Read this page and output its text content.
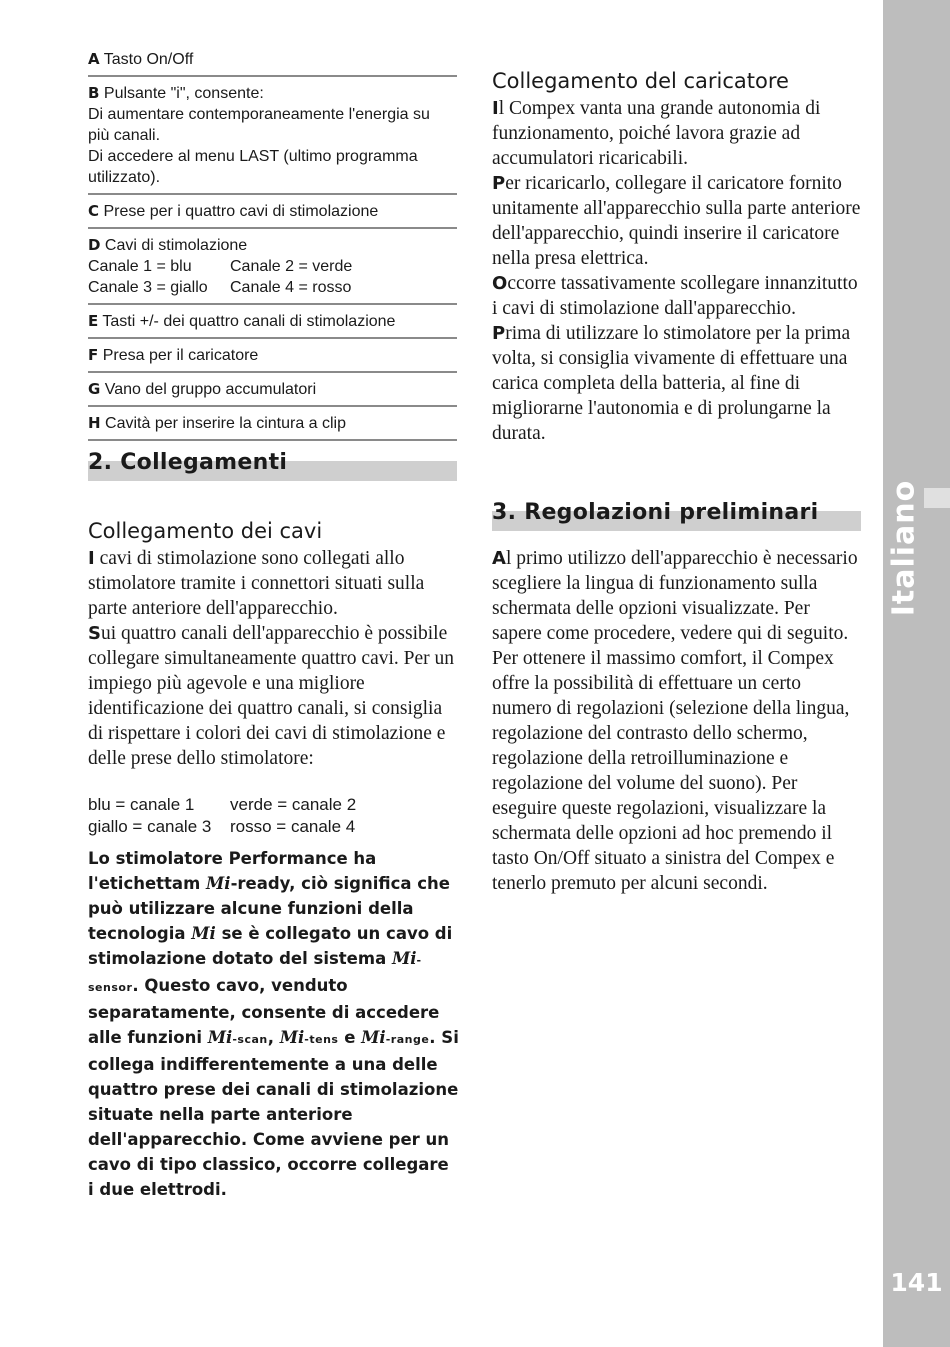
Italiano
141
A Tasto On/Off
B Pulsante "i", consente:
Di aumentare contemporaneamente l'energia su
più canali.
Di accedere al menu LAST (ultimo programma
utilizzato).
C Prese per i quattro cavi di stimolazione
D Cavi di stimolazione
Canale 1 = blu	Canale 2 = verde
Canale 3 = giallo	Canale 4 = rosso
E Tasti +/- dei quattro canali di stimolazione
F Presa per il caricatore
G Vano del gruppo accumulatori
H Cavità per inserire la cintura a clip
2. Collegamenti
Collegamento dei cavi

I cavi di stimolazione sono collegati allo stimolatore tramite i connettori situati sulla parte anteriore dell'apparecchio.

Sui quattro canali dell'apparecchio è possibile collegare simultaneamente quattro cavi. Per un impiego più agevole e una migliore identificazione dei quattro canali, si consiglia di rispettare i colori dei cavi di stimolazione e delle prese dello stimolatore:

blu = canale 1	verde = canale 2
giallo = canale 3	rosso = canale 4
Lo stimolatore Performance ha l'etichettam Mi-ready, ciò significa che può utilizzare alcune funzioni della tecnologia Mi se è collegato un cavo di stimolazione dotato del sistema Mi-sensor. Questo cavo, venduto separatamente, consente di accedere alle funzioni Mi-scan, Mi-tens e Mi-range. Si collega indifferentemente a una delle quattro prese dei canali di stimolazione situate nella parte anteriore dell'apparecchio. Come avviene per un cavo di tipo classico, occorre collegare i due elettrodi.
Collegamento del caricatore

Il Compex vanta una grande autonomia di funzionamento, poiché lavora grazie ad accumulatori ricaricabili.

Per ricaricarlo, collegare il caricatore fornito unitamente all'apparecchio sulla parte anteriore dell'apparecchio, quindi inserire il caricatore nella presa elettrica.

Occorre tassativamente scollegare innanzitutto i cavi di stimolazione dall'apparecchio.

Prima di utilizzare lo stimolatore per la prima volta, si consiglia vivamente di effettuare una carica completa della batteria, al fine di migliorarne l'autonomia e di prolungarne la durata.

3. Regolazioni preliminari

Al primo utilizzo dell'apparecchio è necessario scegliere la lingua di funzionamento sulla schermata delle opzioni visualizzate. Per sapere come procedere, vedere qui di seguito. Per ottenere il massimo comfort, il Compex offre la possibilità di effettuare un certo numero di regolazioni (selezione della lingua, regolazione del contrasto dello schermo, regolazione della retroilluminazione e regolazione del volume del suono). Per eseguire queste regolazioni, visualizzare la schermata delle opzioni ad hoc premendo il tasto On/Off situato a sinistra del Compex e tenerlo premuto per alcuni secondi.
